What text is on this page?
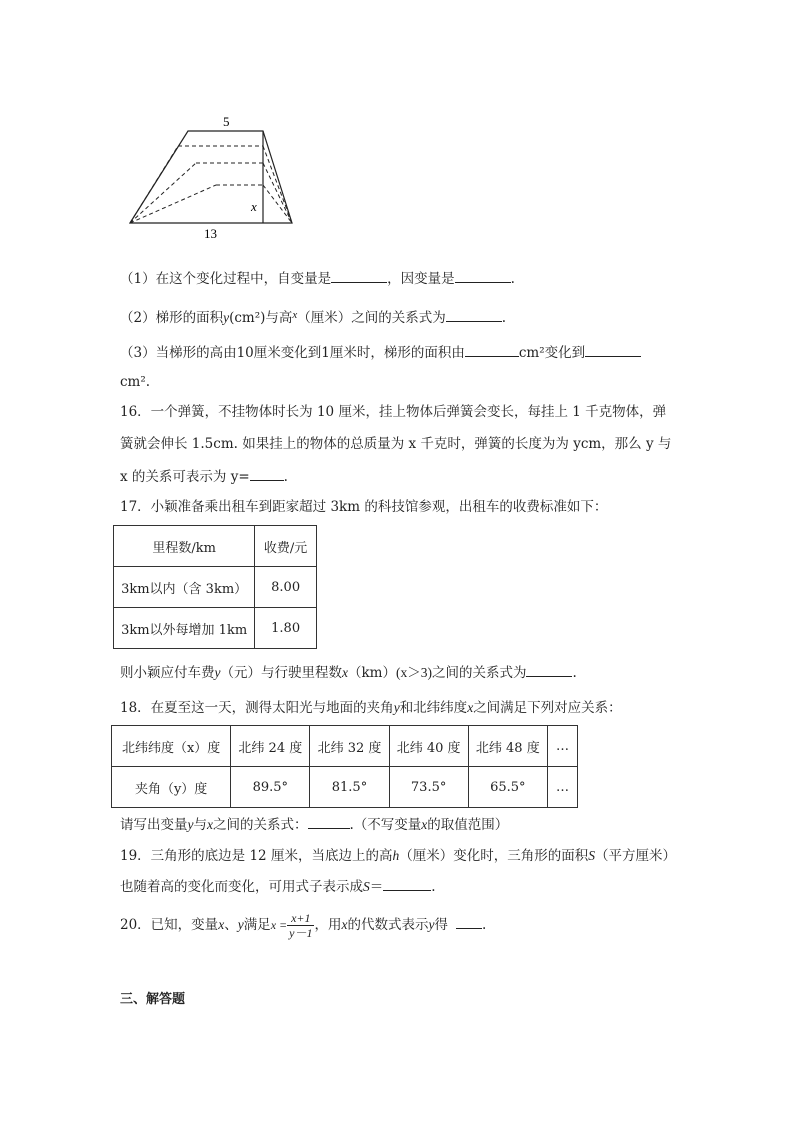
5
13
x
（1）在这个变化过程中，自变量是	，因变量是	.
（2）梯形的面积y(cm²)与高$^x$（厘米）之间的关系式为	.
（3）当梯形的高由10厘米变化到1厘米时，梯形的面积由	cm²变化到
cm².
16．一个弹簧，不挂物体时长为 10 厘米，挂上物体后弹簧会变长，每挂上 1 千克物体，弹
簧就会伸长 1.5cm. 如果挂上的物体的总质量为 x 千克时，弹簧的长度为为 ycm，那么 y 与
x 的关系可表示为 y=	.
17．小颖准备乘出租车到距家超过 3km 的科技馆参观，出租车的收费标准如下：
里程数/km	收费/元
3km以内（含 3km）	8.00
3km以外每增加 1km	1.80
则小颖应付车费y（元）与行驶里程数x（km）(x＞3)之间的关系式为	.
18．在夏至这一天，测得太阳光与地面的夹角y和北纬纬度x之间满足下列对应关系：
北纬纬度（x）度	北纬 24 度	北纬 32 度	北纬 40 度	北纬 48 度	…
夹角（y）度	89.5°	81.5°	73.5°	65.5°	…
请写出变量y与x之间的关系式：	.（不写变量x的取值范围）
19．三角形的底边是 12 厘米，当底边上的高h（厘米）变化时，三角形的面积S（平方厘米）
也随着高的变化而变化，可用式子表示成S＝	.
20．已知，变量x、y满足$x = \frac{x+1}{y-1}$ ，用x的代数式表示y得	.
三、解答题
